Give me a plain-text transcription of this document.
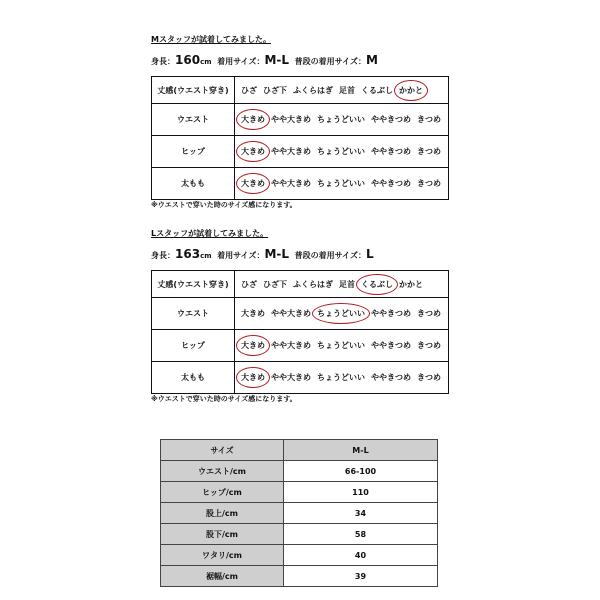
Mスタッフが試着してみました。
身長：160cm 着用サイズ：M-L 普段の着用サイズ：M
丈感(ウエスト穿き)	ひざ ひざ下 ふくらはぎ 足首 くるぶし かかと
ウエスト	大きめ やや大きめ ちょうどいい ややきつめ きつめ
ヒップ	大きめ やや大きめ ちょうどいい ややきつめ きつめ
太もも	大きめ やや大きめ ちょうどいい ややきつめ きつめ
※ウエストで穿いた時のサイズ感になります。
Lスタッフが試着してみました。
身長：163cm 着用サイズ：M-L 普段の着用サイズ：L
丈感(ウエスト穿き)	ひざ ひざ下 ふくらはぎ 足首 くるぶし かかと
ウエスト	大きめ やや大きめ ちょうどいい ややきつめ きつめ
ヒップ	大きめ やや大きめ ちょうどいい ややきつめ きつめ
太もも	大きめ やや大きめ ちょうどいい ややきつめ きつめ
※ウエストで穿いた時のサイズ感になります。
サイズ	M-L
ウエスト/cm	66-100
ヒップ/cm	110
股上/cm	34
股下/cm	58
ワタリ/cm	40
裾幅/cm	39
